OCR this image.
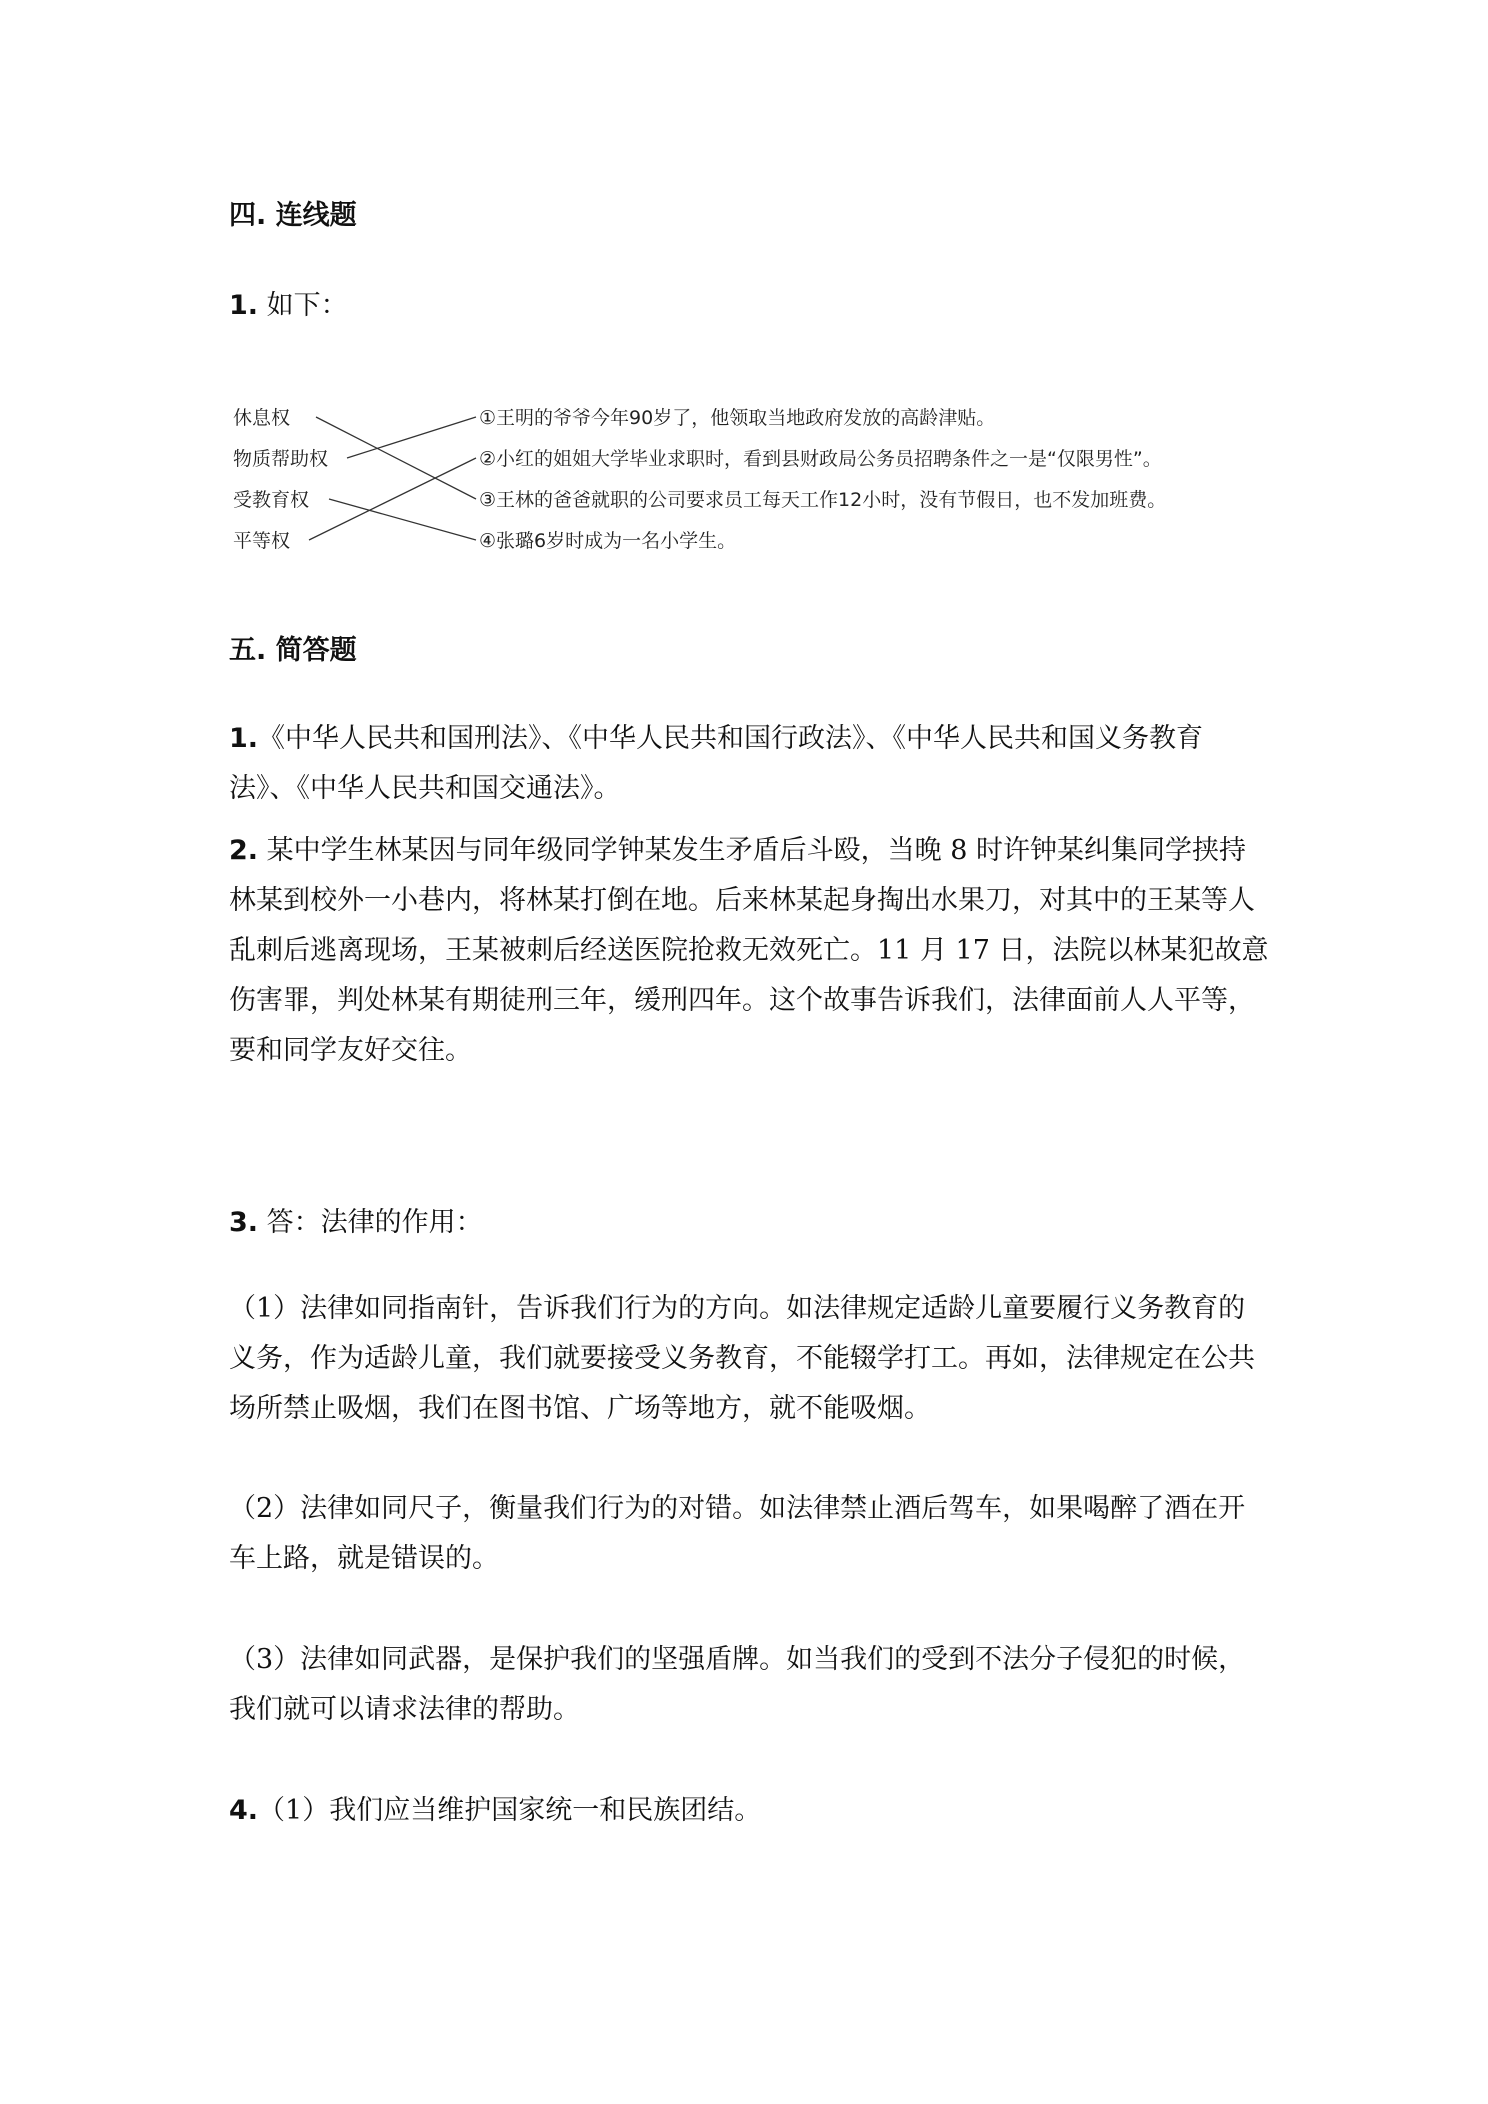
四. 连线题
1. 如下：
休息权
物质帮助权
受教育权
平等权
①王明的爷爷今年90岁了，他领取当地政府发放的高龄津贴。
②小红的姐姐大学毕业求职时，看到县财政局公务员招聘条件之一是“仅限男性”。
③王林的爸爸就职的公司要求员工每天工作12小时，没有节假日，也不发加班费。
④张璐6岁时成为一名小学生。
五. 简答题
1.《中华人民共和国刑法》、《中华人民共和国行政法》、《中华人民共和国义务教育法》、《中华人民共和国交通法》。
2. 某中学生林某因与同年级同学钟某发生矛盾后斗殴，当晚 8 时许钟某纠集同学挟持林某到校外一小巷内，将林某打倒在地。后来林某起身掏出水果刀，对其中的王某等人乱刺后逃离现场，王某被刺后经送医院抢救无效死亡。11 月 17 日，法院以林某犯故意伤害罪，判处林某有期徒刑三年，缓刑四年。这个故事告诉我们，法律面前人人平等，要和同学友好交往。
3. 答：法律的作用：
（1）法律如同指南针，告诉我们行为的方向。如法律规定适龄儿童要履行义务教育的义务，作为适龄儿童，我们就要接受义务教育，不能辍学打工。再如，法律规定在公共场所禁止吸烟，我们在图书馆、广场等地方，就不能吸烟。
（2）法律如同尺子，衡量我们行为的对错。如法律禁止酒后驾车，如果喝醉了酒在开车上路，就是错误的。
（3）法律如同武器，是保护我们的坚强盾牌。如当我们的受到不法分子侵犯的时候，我们就可以请求法律的帮助。
4.（1）我们应当维护国家统一和民族团结。
